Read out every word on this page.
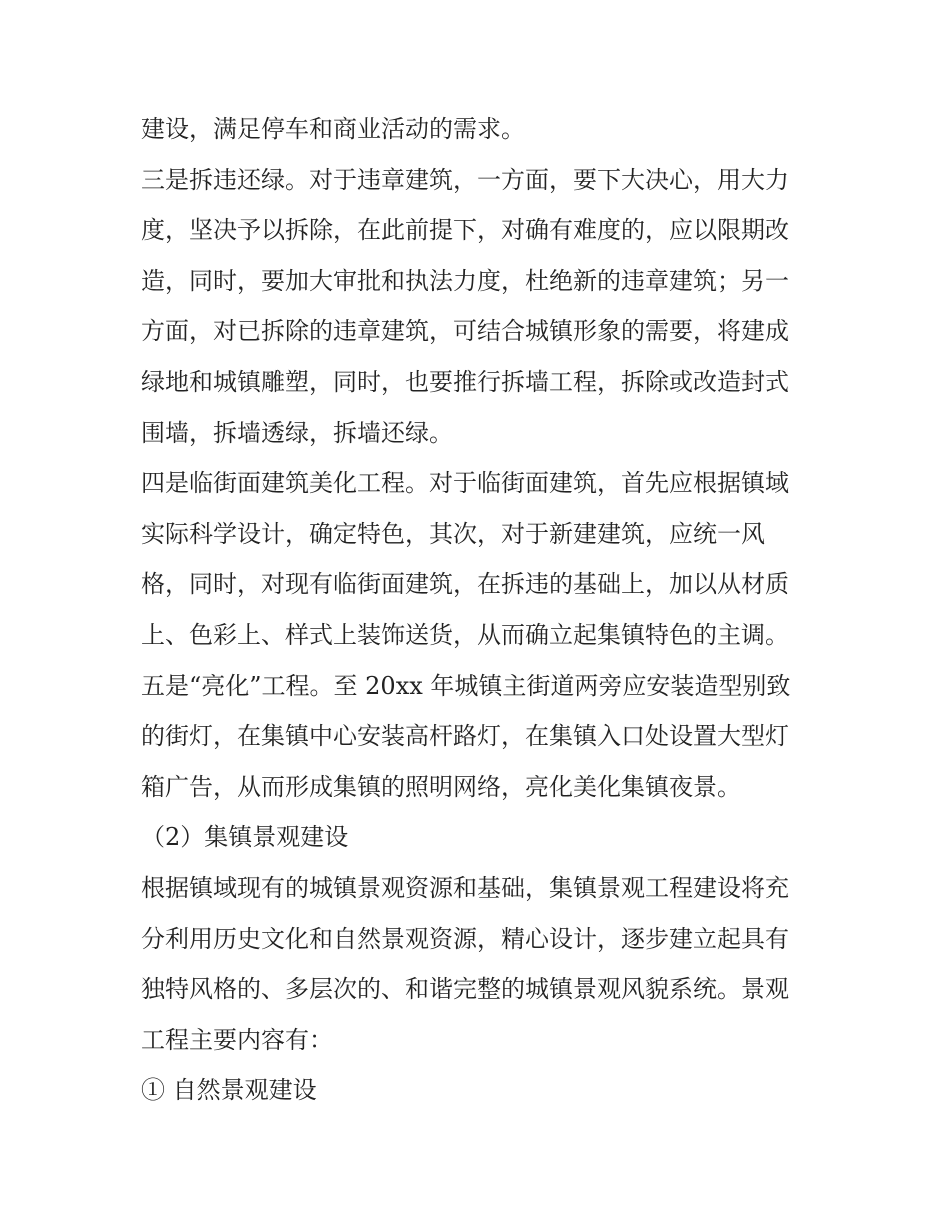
建设，满足停车和商业活动的需求。
三是拆违还绿。对于违章建筑，一方面，要下大决心，用大力
度，坚决予以拆除，在此前提下，对确有难度的，应以限期改
造，同时，要加大审批和执法力度，杜绝新的违章建筑；另一
方面，对已拆除的违章建筑，可结合城镇形象的需要，将建成
绿地和城镇雕塑，同时，也要推行拆墙工程，拆除或改造封式
围墙，拆墙透绿，拆墙还绿。
四是临街面建筑美化工程。对于临街面建筑，首先应根据镇域
实际科学设计，确定特色，其次，对于新建建筑，应统一风
格，同时，对现有临街面建筑，在拆违的基础上，加以从材质
上、色彩上、样式上装饰送货，从而确立起集镇特色的主调。
五是“亮化”工程。至 20xx 年城镇主街道两旁应安装造型别致
的街灯，在集镇中心安装高杆路灯，在集镇入口处设置大型灯
箱广告，从而形成集镇的照明网络，亮化美化集镇夜景。
（2）集镇景观建设
根据镇域现有的城镇景观资源和基础，集镇景观工程建设将充
分利用历史文化和自然景观资源，精心设计，逐步建立起具有
独特风格的、多层次的、和谐完整的城镇景观风貌系统。景观
工程主要内容有：
① 自然景观建设
